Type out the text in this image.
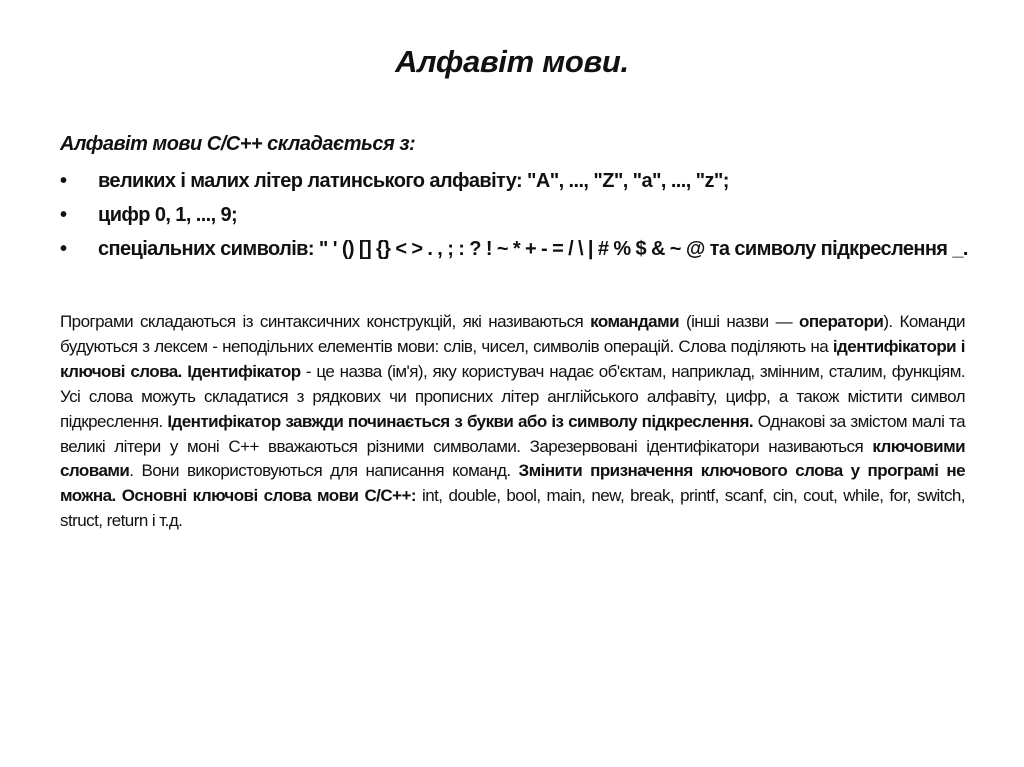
Алфавіт мови.
Алфавіт мови С/С++ складається з:
• великих і малих літер латинського алфавіту: "A", ..., "Z", "a", ..., "z";
• цифр 0, 1, ..., 9;
• спеціальних символів: " ' () [] {} < > . , ; : ? ! ~ * + - = / \ | # % $ & ~ @ та символу підкреслення _.
Програми складаються із синтаксичних конструкцій, які називаються командами (інші назви — оператори). Команди будуються з лексем - неподільних елементів мови: слів, чисел, символів операцій. Слова поділяють на ідентифікатори і ключові слова. Ідентифікатор - це назва (ім'я), яку користувач надає об'єктам, наприклад, змінним, сталим, функціям. Усі слова можуть складатися з рядкових чи прописних літер англійського алфавіту, цифр, а також містити символ підкреслення. Ідентифікатор завжди починається з букви або із символу підкреслення. Однакові за змістом малі та великі літери у моні С++ вважаються різними символами. Зарезервовані ідентифікатори називаються ключовими словами. Вони використовуються для написання команд. Змінити призначення ключового слова у програмі не можна. Основні ключові слова мови С/С++: int, double, bool, main, new, break, printf, scanf, cin, cout, while, for, switch, struct, return і т.д.
